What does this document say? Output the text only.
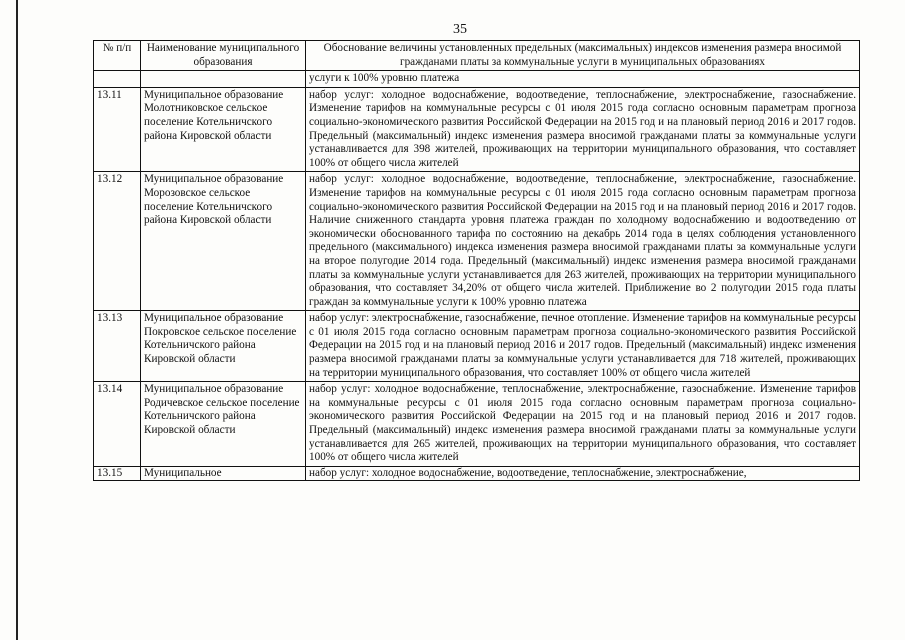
35
№ п/п	Наименование муниципального образования	Обоснование величины установленных предельных (максимальных) индексов изменения размера вносимой гражданами платы за коммунальные услуги в муниципальных образованиях
		услуги к 100% уровню платежа
13.11	Муниципальное образование Молотниковское сельское поселение Котельничского района Кировской области	набор услуг: холодное водоснабжение, водоотведение, теплоснабжение, электроснабжение, газоснабжение. Изменение тарифов на коммунальные ресурсы с 01 июля 2015 года согласно основным параметрам прогноза социально-экономического развития Российской Федерации на 2015 год и на плановый период 2016 и 2017 годов. Предельный (максимальный) индекс изменения размера вносимой гражданами платы за коммунальные услуги устанавливается для 398 жителей, проживающих на территории муниципального образования, что составляет 100% от общего числа жителей
13.12	Муниципальное образование Морозовское сельское поселение Котельничского района Кировской области	набор услуг: холодное водоснабжение, водоотведение, теплоснабжение, электроснабжение, газоснабжение. Изменение тарифов на коммунальные ресурсы с 01 июля 2015 года согласно основным параметрам прогноза социально-экономического развития Российской Федерации на 2015 год и на плановый период 2016 и 2017 годов. Наличие сниженного стандарта уровня платежа граждан по холодному водоснабжению и водоотведению от экономически обоснованного тарифа по состоянию на декабрь 2014 года в целях соблюдения установленного предельного (максимального) индекса изменения размера вносимой гражданами платы за коммунальные услуги на второе полугодие 2014 года. Предельный (максимальный) индекс изменения размера вносимой гражданами платы за коммунальные услуги устанавливается для 263 жителей, проживающих на территории муниципального образования, что составляет 34,20% от общего числа жителей. Приближение во 2 полугодии 2015 года платы граждан за коммунальные услуги к 100% уровню платежа
13.13	Муниципальное образование Покровское сельское поселение Котельничского района Кировской области	набор услуг: электроснабжение, газоснабжение, печное отопление. Изменение тарифов на коммунальные ресурсы с 01 июля 2015 года согласно основным параметрам прогноза социально-экономического развития Российской Федерации на 2015 год и на плановый период 2016 и 2017 годов. Предельный (максимальный) индекс изменения размера вносимой гражданами платы за коммунальные услуги устанавливается для 718 жителей, проживающих на территории муниципального образования, что составляет 100% от общего числа жителей
13.14	Муниципальное образование Родичевское сельское поселение Котельничского района Кировской области	набор услуг: холодное водоснабжение, теплоснабжение, электроснабжение, газоснабжение. Изменение тарифов на коммунальные ресурсы с 01 июля 2015 года согласно основным параметрам прогноза социально-экономического развития Российской Федерации на 2015 год и на плановый период 2016 и 2017 годов. Предельный (максимальный) индекс изменения размера вносимой гражданами платы за коммунальные услуги устанавливается для 265 жителей, проживающих на территории муниципального образования, что составляет 100% от общего числа жителей
13.15	Муниципальное	набор услуг: холодное водоснабжение, водоотведение, теплоснабжение, электроснабжение,
